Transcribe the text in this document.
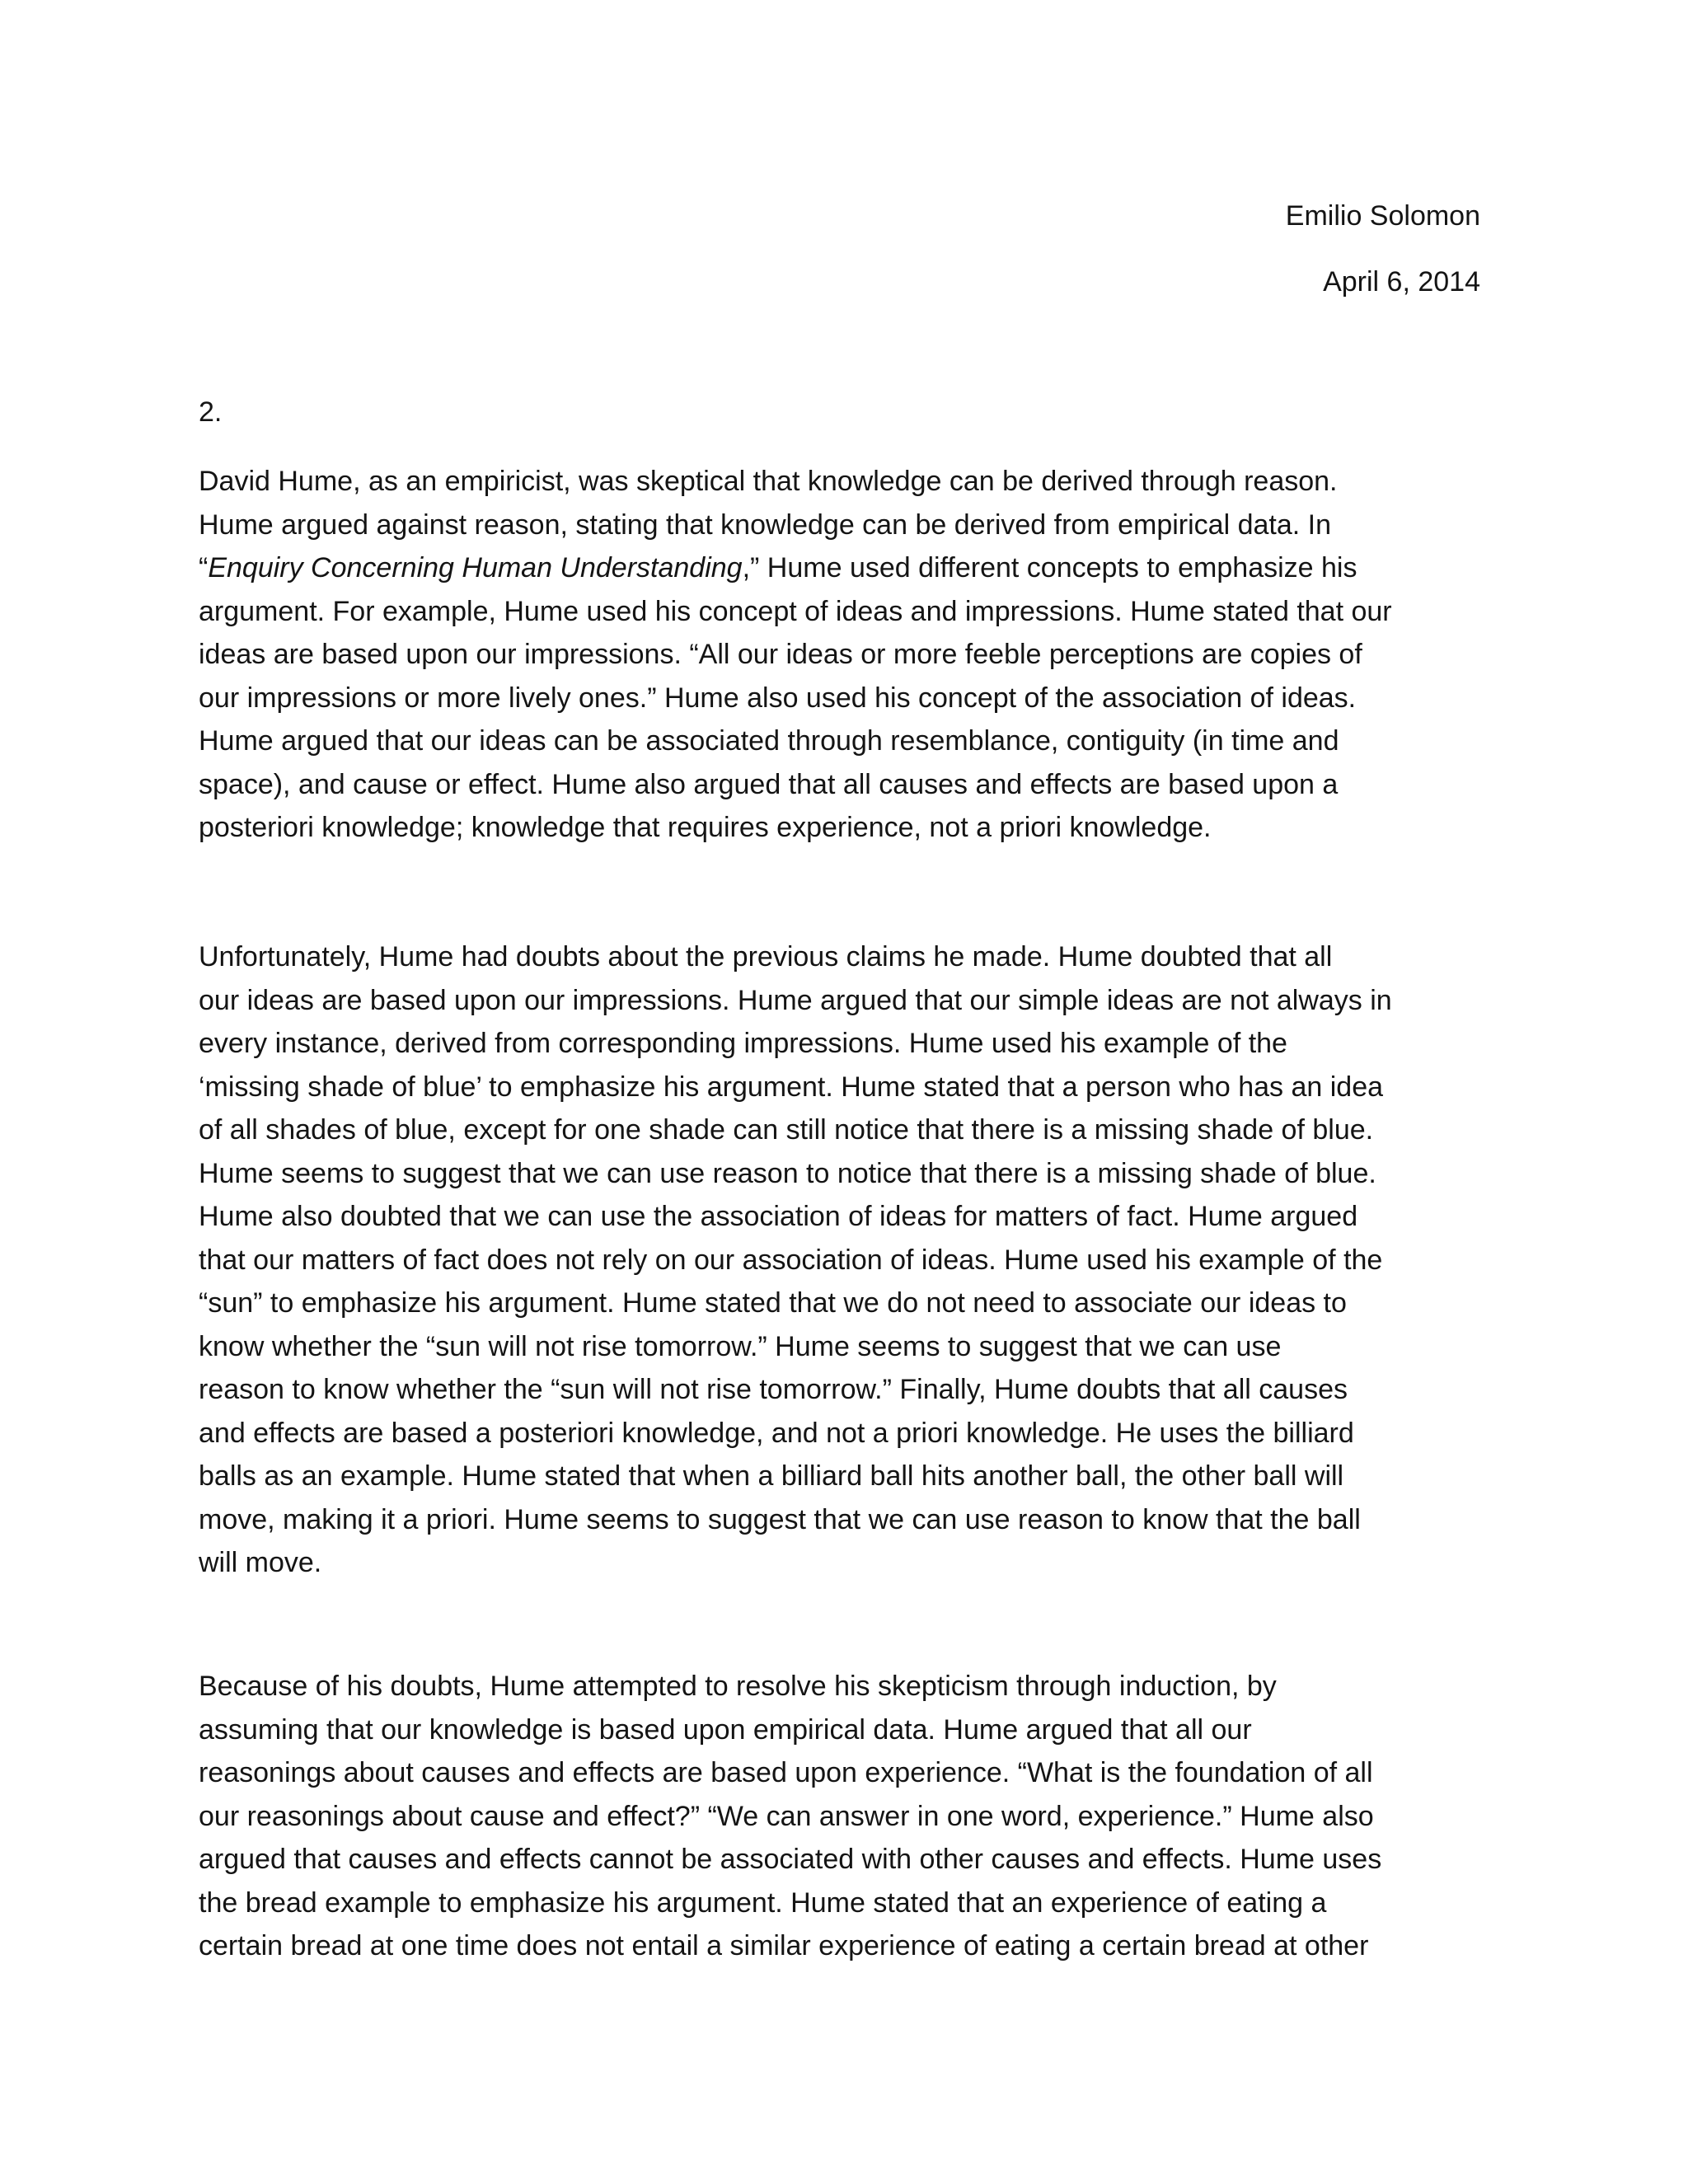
Emilio Solomon
April 6, 2014
2.
David Hume, as an empiricist, was skeptical that knowledge can be derived through reason.
Hume argued against reason, stating that knowledge can be derived from empirical data. In
“Enquiry Concerning Human Understanding,” Hume used different concepts to emphasize his
argument. For example, Hume used his concept of ideas and impressions. Hume stated that our
ideas are based upon our impressions. “All our ideas or more feeble perceptions are copies of
our impressions or more lively ones.” Hume also used his concept of the association of ideas.
Hume argued that our ideas can be associated through resemblance, contiguity (in time and
space), and cause or effect. Hume also argued that all causes and effects are based upon a
posteriori knowledge; knowledge that requires experience, not a priori knowledge.
Unfortunately, Hume had doubts about the previous claims he made. Hume doubted that all
our ideas are based upon our impressions. Hume argued that our simple ideas are not always in
every instance, derived from corresponding impressions. Hume used his example of the
‘missing shade of blue’ to emphasize his argument. Hume stated that a person who has an idea
of all shades of blue, except for one shade can still notice that there is a missing shade of blue.
Hume seems to suggest that we can use reason to notice that there is a missing shade of blue.
Hume also doubted that we can use the association of ideas for matters of fact. Hume argued
that our matters of fact does not rely on our association of ideas. Hume used his example of the
“sun” to emphasize his argument. Hume stated that we do not need to associate our ideas to
know whether the “sun will not rise tomorrow.” Hume seems to suggest that we can use
reason to know whether the “sun will not rise tomorrow.” Finally, Hume doubts that all causes
and effects are based a posteriori knowledge, and not a priori knowledge. He uses the billiard
balls as an example. Hume stated that when a billiard ball hits another ball, the other ball will
move, making it a priori. Hume seems to suggest that we can use reason to know that the ball
will move.
Because of his doubts, Hume attempted to resolve his skepticism through induction, by
assuming that our knowledge is based upon empirical data. Hume argued that all our
reasonings about causes and effects are based upon experience. “What is the foundation of all
our reasonings about cause and effect?” “We can answer in one word, experience.” Hume also
argued that causes and effects cannot be associated with other causes and effects. Hume uses
the bread example to emphasize his argument. Hume stated that an experience of eating a
certain bread at one time does not entail a similar experience of eating a certain bread at other
